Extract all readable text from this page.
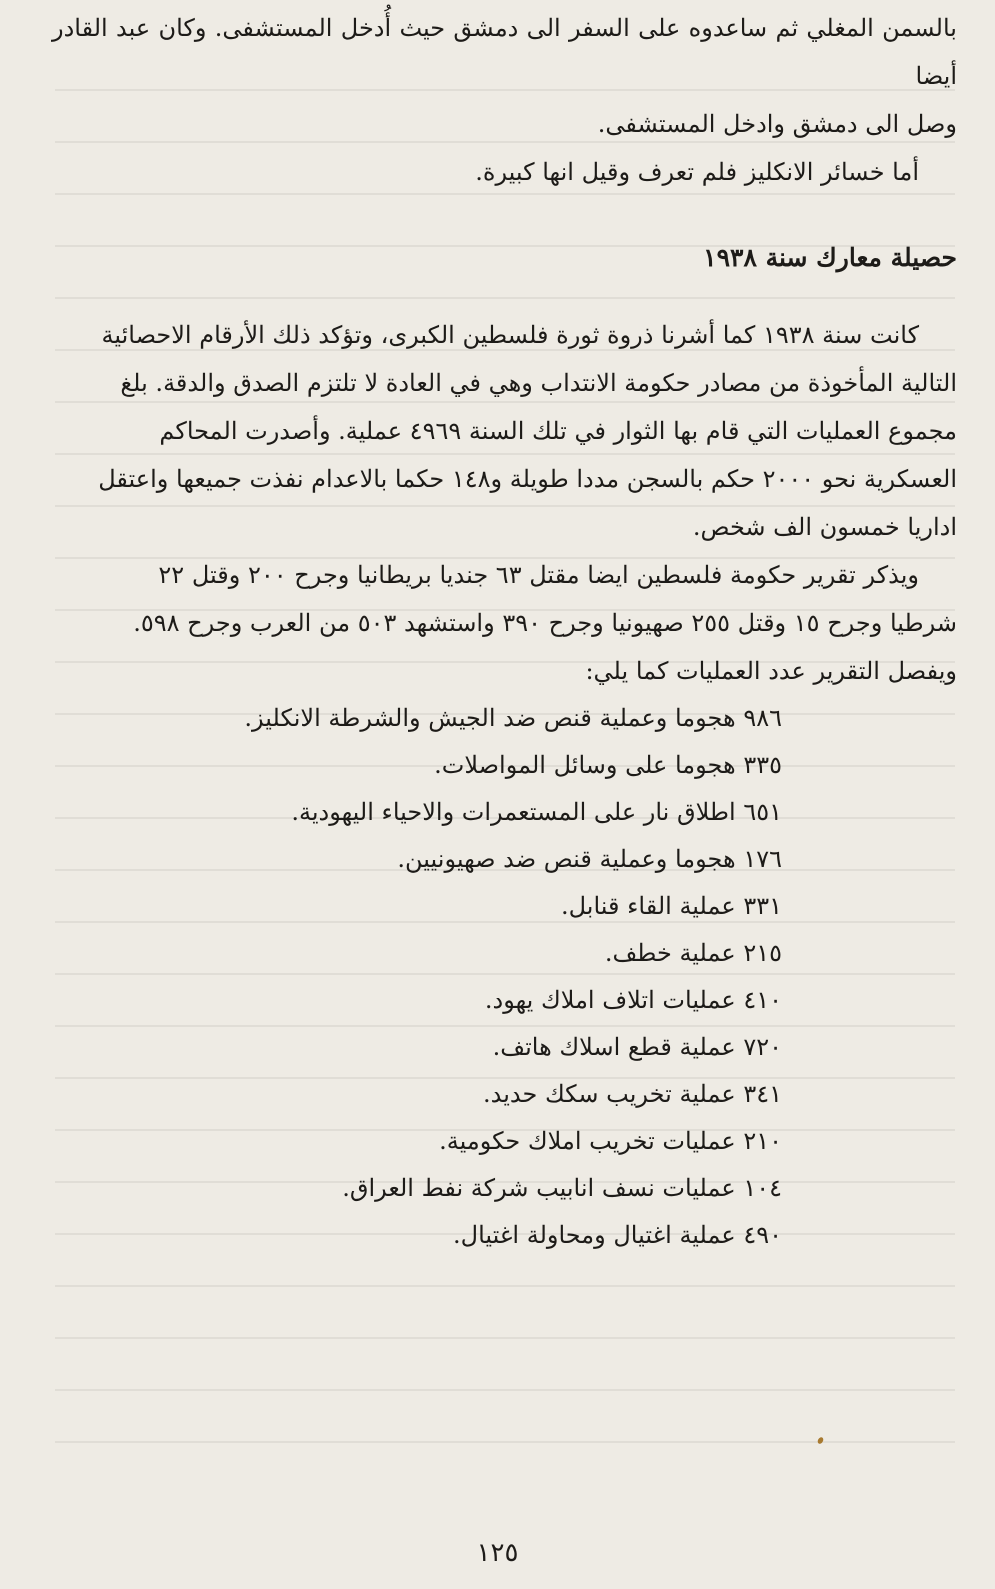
بالسمن المغلي ثم ساعدوه على السفر الى دمشق حيث أُدخل المستشفى. وكان عبد القادر أيضا

وصل الى دمشق وادخل المستشفى.

أما خسائر الانكليز فلم تعرف وقيل انها كبيرة.

حصيلة معارك سنة ١٩٣٨

كانت سنة ١٩٣٨ كما أشرنا ذروة ثورة فلسطين الكبرى، وتؤكد ذلك الأرقام الاحصائية

التالية المأخوذة من مصادر حكومة الانتداب وهي في العادة لا تلتزم الصدق والدقة. بلغ

مجموع العمليات التي قام بها الثوار في تلك السنة ٤٩٦٩ عملية. وأصدرت المحاكم

العسكرية نحو ٢٠٠٠ حكم بالسجن مددا طويلة و١٤٨ حكما بالاعدام نفذت جميعها واعتقل

اداريا خمسون الف شخص.

ويذكر تقرير حكومة فلسطين ايضا مقتل ٦٣ جنديا بريطانيا وجرح ٢٠٠ وقتل ٢٢

شرطيا وجرح ١٥ وقتل ٢٥٥ صهيونيا وجرح ٣٩٠ واستشهد ٥٠٣ من العرب وجرح ٥٩٨.

ويفصل التقرير عدد العمليات كما يلي:

٩٨٦ هجوما وعملية قنص ضد الجيش والشرطة الانكليز.
٣٣٥ هجوما على وسائل المواصلات.
٦٥١ اطلاق نار على المستعمرات والاحياء اليهودية.
١٧٦ هجوما وعملية قنص ضد صهيونيين.
٣٣١ عملية القاء قنابل.
٢١٥ عملية خطف.
٤١٠ عمليات اتلاف املاك يهود.
٧٢٠ عملية قطع اسلاك هاتف.
٣٤١ عملية تخريب سكك حديد.
٢١٠ عمليات تخريب املاك حكومية.
١٠٤ عمليات نسف انابيب شركة نفط العراق.
٤٩٠ عملية اغتيال ومحاولة اغتيال.
١٢٥
